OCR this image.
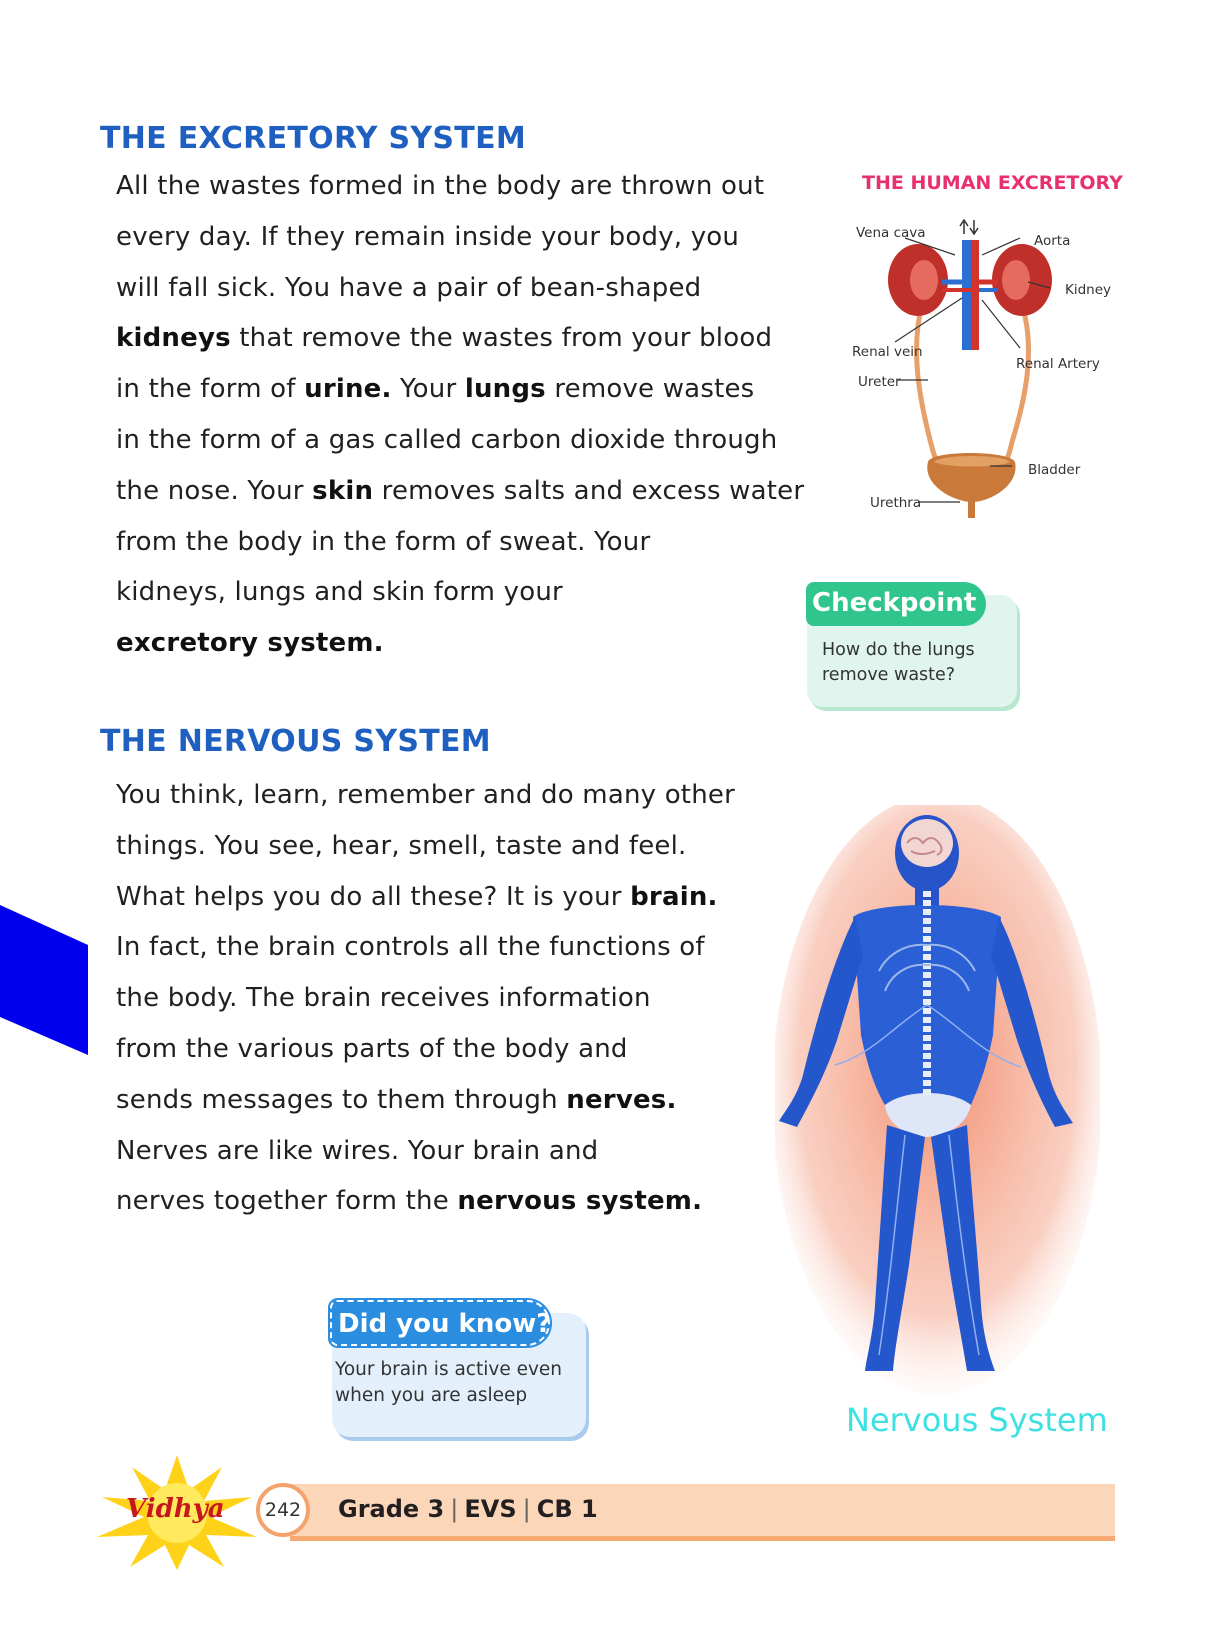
THE EXCRETORY SYSTEM
All the wastes formed in the body are thrown out
every day. If they remain inside your body, you
will fall sick. You have a pair of bean-shaped
kidneys that remove the wastes from your blood
in the form of urine. Your lungs remove wastes
in the form of a gas called carbon dioxide through
the nose. Your skin removes salts and excess water
from the body in the form of sweat. Your
kidneys, lungs and skin form your
excretory system.
THE HUMAN EXCRETORY
Vena cava	Aorta
Kidney
Renal vein
Renal Artery
Ureter
Bladder
Urethra
Checkpoint
How do the lungs remove waste?
THE NERVOUS SYSTEM
You think, learn, remember and do many other
things. You see, hear, smell, taste and feel.
What helps you do all these? It is your brain.
In fact, the brain controls all the functions of
the body. The brain receives information
from the various parts of the body and
sends messages to them through nerves.
Nerves are like wires. Your brain and
nerves together form the nervous system.
Nervous System
Did you know?
Your brain is active even when you are asleep
Vidhya	242	Grade 3 | EVS | CB 1
